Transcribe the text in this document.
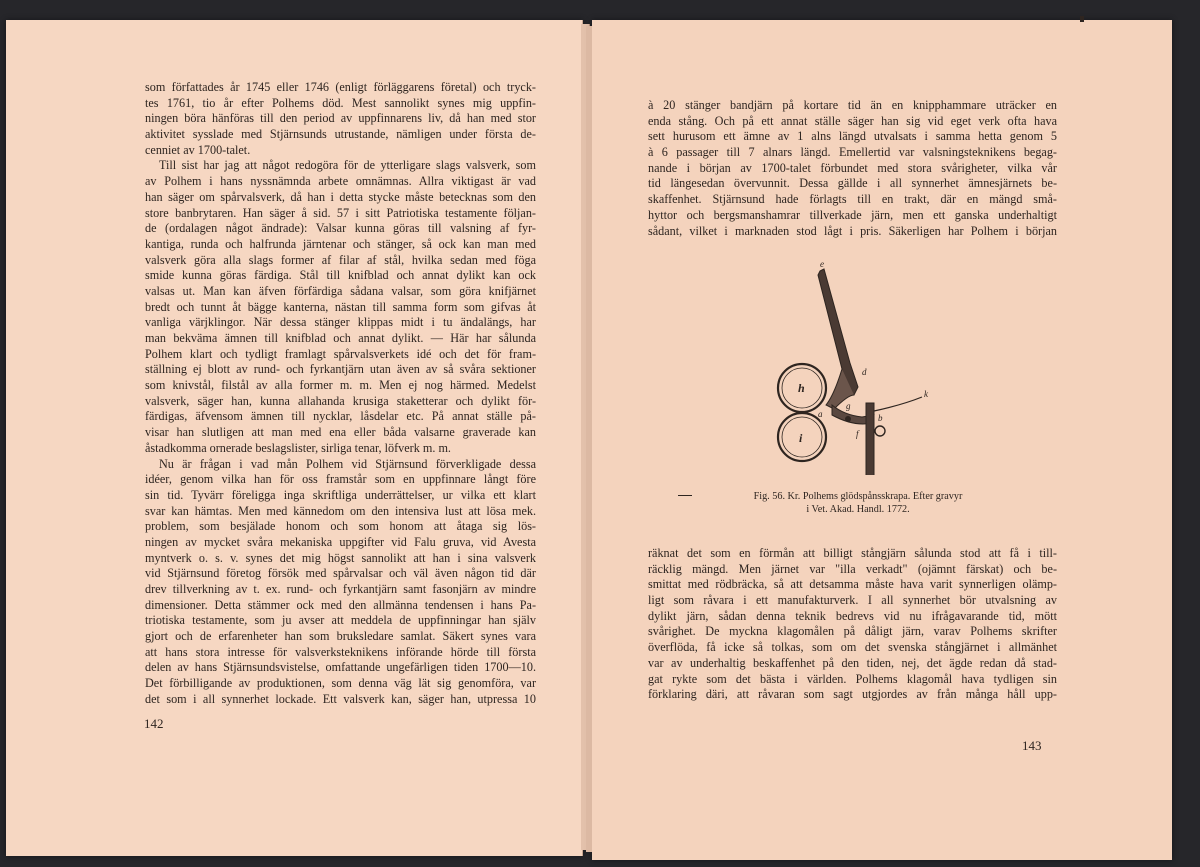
som författades år 1745 eller 1746 (enligt förläggarens företal) och tryck-
tes 1761, tio år efter Polhems död. Mest sannolikt synes mig uppfin-
ningen böra hänföras till den period av uppfinnarens liv, då han med stor
aktivitet sysslade med Stjärnsunds utrustande, nämligen under första de-
cenniet av 1700-talet.
Till sist har jag att något redogöra för de ytterligare slags valsverk, som
av Polhem i hans nyssnämnda arbete omnämnas. Allra viktigast är vad
han säger om spårvalsverk, då han i detta stycke måste betecknas som den
store banbrytaren. Han säger å sid. 57 i sitt Patriotiska testamente följan-
de (ordalagen något ändrade): Valsar kunna göras till valsning af fyr-
kantiga, runda och halfrunda järntenar och stänger, så ock kan man med
valsverk göra alla slags former af filar af stål, hvilka sedan med föga
smide kunna göras färdiga. Stål till knifblad och annat dylikt kan ock
valsas ut. Man kan äfven förfärdiga sådana valsar, som göra knifjärnet
bredt och tunnt åt bägge kanterna, nästan till samma form som gifvas åt
vanliga värjklingor. När dessa stänger klippas midt i tu ändalängs, har
man bekväma ämnen till knifblad och annat dylikt. — Här har sålunda
Polhem klart och tydligt framlagt spårvalsverkets idé och det för fram-
ställning ej blott av rund- och fyrkantjärn utan även av så svåra sektioner
som knivstål, filstål av alla former m. m. Men ej nog härmed. Medelst
valsverk, säger han, kunna allahanda krusiga staketterar och dylikt för-
färdigas, äfvensom ämnen till nycklar, låsdelar etc. På annat ställe på-
visar han slutligen att man med ena eller båda valsarne graverade kan
åstadkomma ornerade beslagslister, sirliga tenar, löfverk m. m.
Nu är frågan i vad mån Polhem vid Stjärnsund förverkligade dessa
idéer, genom vilka han för oss framstår som en uppfinnare långt före
sin tid. Tyvärr föreligga inga skriftliga underrättelser, ur vilka ett klart
svar kan hämtas. Men med kännedom om den intensiva lust att lösa mek.
problem, som besjälade honom och som honom att åtaga sig lös-
ningen av mycket svåra mekaniska uppgifter vid Falu gruva, vid Avesta
myntverk o. s. v. synes det mig högst sannolikt att han i sina valsverk
vid Stjärnsund företog försök med spårvalsar och väl även någon tid där
drev tillverkning av t. ex. rund- och fyrkantjärn samt fasonjärn av mindre
dimensioner. Detta stämmer ock med den allmänna tendensen i hans Pa-
triotiska testamente, som ju avser att meddela de uppfinningar han själv
gjort och de erfarenheter han som bruksledare samlat. Säkert synes vara
att hans stora intresse för valsverksteknikens införande hörde till första
delen av hans Stjärnsundsvistelse, omfattande ungefärligen tiden 1700—10.
Det förbilligande av produktionen, som denna väg lät sig genomföra, var
det som i all synnerhet lockade. Ett valsverk kan, säger han, utpressa 10
142
à 20 stänger bandjärn på kortare tid än en knipphammare uträcker en
enda stång. Och på ett annat ställe säger han sig vid eget verk ofta hava
sett hurusom ett ämne av 1 alns längd utvalsats i samma hetta genom 5
à 6 passager till 7 alnars längd. Emellertid var valsningsteknikens begag-
nande i början av 1700-talet förbundet med stora svårigheter, vilka vår
tid längesedan övervunnit. Dessa gällde i all synnerhet ämnesjärnets be-
skaffenhet. Stjärnsund hade förlagts till en trakt, där en mängd små-
hyttor och bergsmanshamrar tillverkade järn, men ett ganska underhaltigt
sådant, vilket i marknaden stod lågt i pris. Säkerligen har Polhem i början
e
d
h
i
k
a
g
b
f
Fig. 56. Kr. Polhems glödspånsskrapa. Efter gravyr
i Vet. Akad. Handl. 1772.
räknat det som en förmån att billigt stångjärn sålunda stod att få i till-
räcklig mängd. Men järnet var "illa verkadt" (ojämnt färskat) och be-
smittat med rödbräcka, så att detsamma måste hava varit synnerligen olämp-
ligt som råvara i ett manufakturverk. I all synnerhet bör utvalsning av
dylikt järn, sådan denna teknik bedrevs vid nu ifrågavarande tid, mött
svårighet. De myckna klagomålen på dåligt järn, varav Polhems skrifter
överflöda, få icke så tolkas, som om det svenska stångjärnet i allmänhet
var av underhaltig beskaffenhet på den tiden, nej, det ägde redan då stad-
gat rykte som det bästa i världen. Polhems klagomål hava tydligen sin
förklaring däri, att råvaran som sagt utgjordes av från många håll upp-
143
